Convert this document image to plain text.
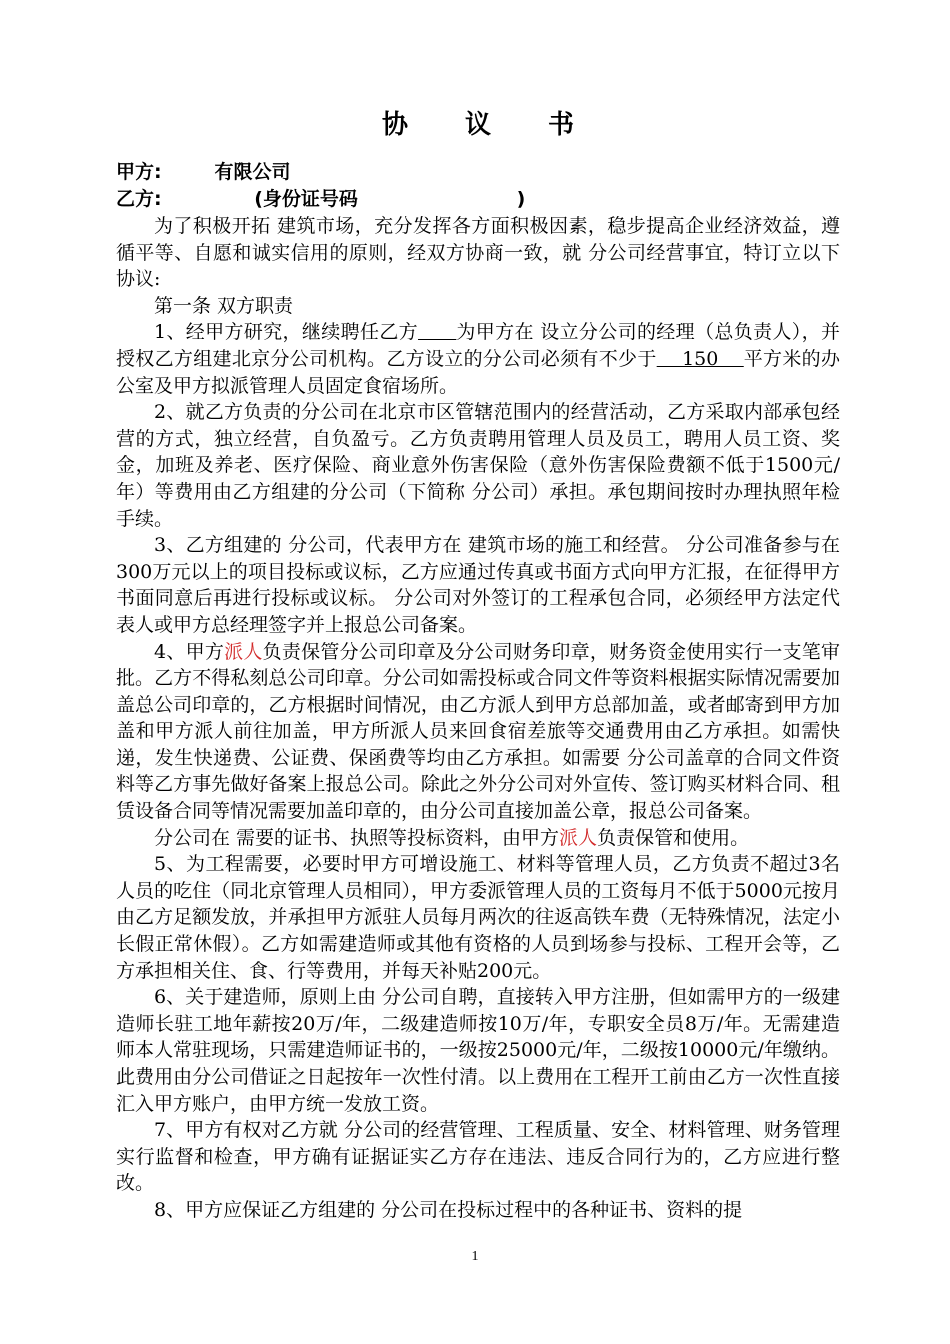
协 议 书

甲方:        有限公司

乙方:              (身份证号码                        )

为了积极开拓 建筑市场，充分发挥各方面积极因素，稳步提高企业经济效益，遵循平等、自愿和诚实信用的原则，经双方协商一致，就 分公司经营事宜，特订立以下协议:

第一条 双方职责

1、经甲方研究，继续聘任乙方 为甲方在 设立分公司的经理（总负责人），并授权乙方组建北京分公司机构。乙方设立的分公司必须有不少于    150    平方米的办公室及甲方拟派管理人员固定食宿场所。

2、就乙方负责的分公司在北京市区管辖范围内的经营活动，乙方采取内部承包经营的方式，独立经营，自负盈亏。乙方负责聘用管理人员及员工，聘用人员工资、奖金，加班及养老、医疗保险、商业意外伤害保险（意外伤害保险费额不低于1500元/年）等费用由乙方组建的分公司（下简称 分公司）承担。承包期间按时办理执照年检手续。

3、乙方组建的 分公司，代表甲方在 建筑市场的施工和经营。 分公司准备参与在300万元以上的项目投标或议标，乙方应通过传真或书面方式向甲方汇报，在征得甲方书面同意后再进行投标或议标。 分公司对外签订的工程承包合同，必须经甲方法定代表人或甲方总经理签字并上报总公司备案。

4、甲方派人负责保管分公司印章及分公司财务印章，财务资金使用实行一支笔审批。乙方不得私刻总公司印章。分公司如需投标或合同文件等资料根据实际情况需要加盖总公司印章的，乙方根据时间情况，由乙方派人到甲方总部加盖，或者邮寄到甲方加盖和甲方派人前往加盖，甲方所派人员来回食宿差旅等交通费用由乙方承担。如需快递，发生快递费、公证费、保函费等均由乙方承担。如需要 分公司盖章的合同文件资料等乙方事先做好备案上报总公司。除此之外分公司对外宣传、签订购买材料合同、租赁设备合同等情况需要加盖印章的，由分公司直接加盖公章，报总公司备案。

分公司在 需要的证书、执照等投标资料，由甲方派人负责保管和使用。

5、为工程需要，必要时甲方可增设施工、材料等管理人员，乙方负责不超过3名人员的吃住（同北京管理人员相同），甲方委派管理人员的工资每月不低于5000元按月由乙方足额发放，并承担甲方派驻人员每月两次的往返高铁车费（无特殊情况，法定小长假正常休假）。乙方如需建造师或其他有资格的人员到场参与投标、工程开会等，乙方承担相关住、食、行等费用，并每天补贴200元。

6、关于建造师，原则上由 分公司自聘，直接转入甲方注册，但如需甲方的一级建造师长驻工地年薪按20万/年，二级建造师按10万/年，专职安全员8万/年。无需建造师本人常驻现场，只需建造师证书的，一级按25000元/年，二级按10000元/年缴纳。此费用由分公司借证之日起按年一次性付清。以上费用在工程开工前由乙方一次性直接汇入甲方账户，由甲方统一发放工资。

7、甲方有权对乙方就 分公司的经营管理、工程质量、安全、材料管理、财务管理实行监督和检查，甲方确有证据证实乙方存在违法、违反合同行为的，乙方应进行整改。

8、甲方应保证乙方组建的 分公司在投标过程中的各种证书、资料的提

1
